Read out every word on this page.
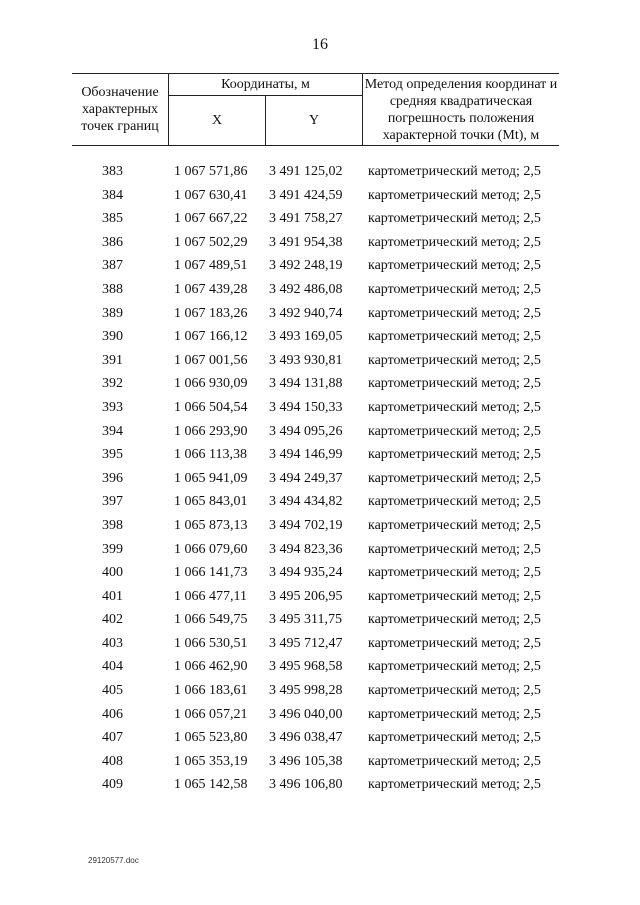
16
Обозначение характерных точек границ	Координаты, м		Метод определения координат и средняя квадратическая погрешность положения характерной точки (Mt), м
	X	Y	
383	1 067 571,86	3 491 125,02	картометрический метод; 2,5
384	1 067 630,41	3 491 424,59	картометрический метод; 2,5
385	1 067 667,22	3 491 758,27	картометрический метод; 2,5
386	1 067 502,29	3 491 954,38	картометрический метод; 2,5
387	1 067 489,51	3 492 248,19	картометрический метод; 2,5
388	1 067 439,28	3 492 486,08	картометрический метод; 2,5
389	1 067 183,26	3 492 940,74	картометрический метод; 2,5
390	1 067 166,12	3 493 169,05	картометрический метод; 2,5
391	1 067 001,56	3 493 930,81	картометрический метод; 2,5
392	1 066 930,09	3 494 131,88	картометрический метод; 2,5
393	1 066 504,54	3 494 150,33	картометрический метод; 2,5
394	1 066 293,90	3 494 095,26	картометрический метод; 2,5
395	1 066 113,38	3 494 146,99	картометрический метод; 2,5
396	1 065 941,09	3 494 249,37	картометрический метод; 2,5
397	1 065 843,01	3 494 434,82	картометрический метод; 2,5
398	1 065 873,13	3 494 702,19	картометрический метод; 2,5
399	1 066 079,60	3 494 823,36	картометрический метод; 2,5
400	1 066 141,73	3 494 935,24	картометрический метод; 2,5
401	1 066 477,11	3 495 206,95	картометрический метод; 2,5
402	1 066 549,75	3 495 311,75	картометрический метод; 2,5
403	1 066 530,51	3 495 712,47	картометрический метод; 2,5
404	1 066 462,90	3 495 968,58	картометрический метод; 2,5
405	1 066 183,61	3 495 998,28	картометрический метод; 2,5
406	1 066 057,21	3 496 040,00	картометрический метод; 2,5
407	1 065 523,80	3 496 038,47	картометрический метод; 2,5
408	1 065 353,19	3 496 105,38	картометрический метод; 2,5
409	1 065 142,58	3 496 106,80	картометрический метод; 2,5
29120577.doc
